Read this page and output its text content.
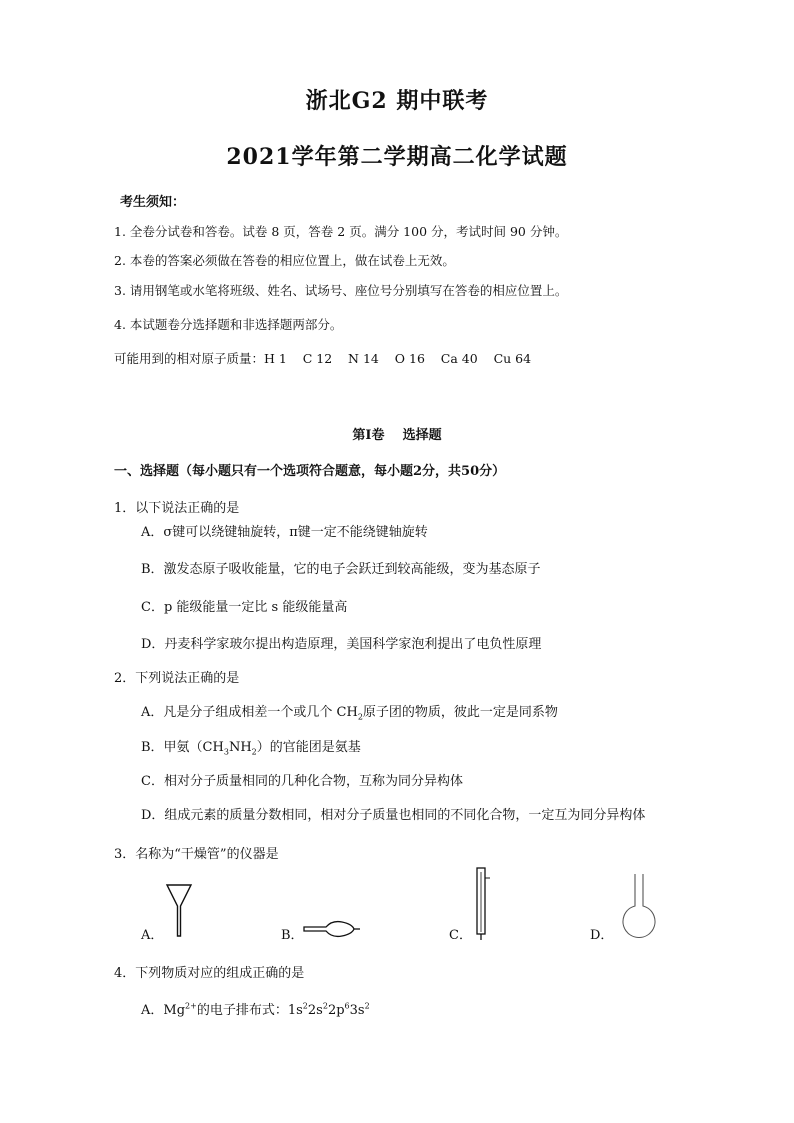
浙北G2 期中联考
2021学年第二学期高二化学试题
考生须知：
1. 全卷分试卷和答卷。试卷 8 页，答卷 2 页。满分 100 分，考试时间 90 分钟。
2. 本卷的答案必须做在答卷的相应位置上，做在试卷上无效。
3. 请用钢笔或水笔将班级、姓名、试场号、座位号分别填写在答卷的相应位置上。
4. 本试题卷分选择题和非选择题两部分。
可能用到的相对原子质量：H 1    C 12    N 14    O 16    Ca 40    Cu 64
第I卷    选择题
一、选择题（每小题只有一个选项符合题意，每小题2分，共50分）
1．以下说法正确的是
A．σ键可以绕键轴旋转，π键一定不能绕键轴旋转
B．激发态原子吸收能量，它的电子会跃迁到较高能级，变为基态原子
C．p 能级能量一定比 s 能级能量高
D．丹麦科学家玻尔提出构造原理，美国科学家泡利提出了电负性原理
2．下列说法正确的是
A．凡是分子组成相差一个或几个 $CH_2$原子团的物质，彼此一定是同系物
B．甲氨$(CH_3NH_2)$的官能团是氨基
C．相对分子质量相同的几种化合物，互称为同分异构体
D．组成元素的质量分数相同，相对分子质量也相同的不同化合物，一定互为同分异构体
3．名称为“干燥管”的仪器是
A．	B．	C．	D．
4．下列物质对应的组成正确的是
A．$Mg^{2+}$的电子排布式：$1s^22s^22p^63s^2$
